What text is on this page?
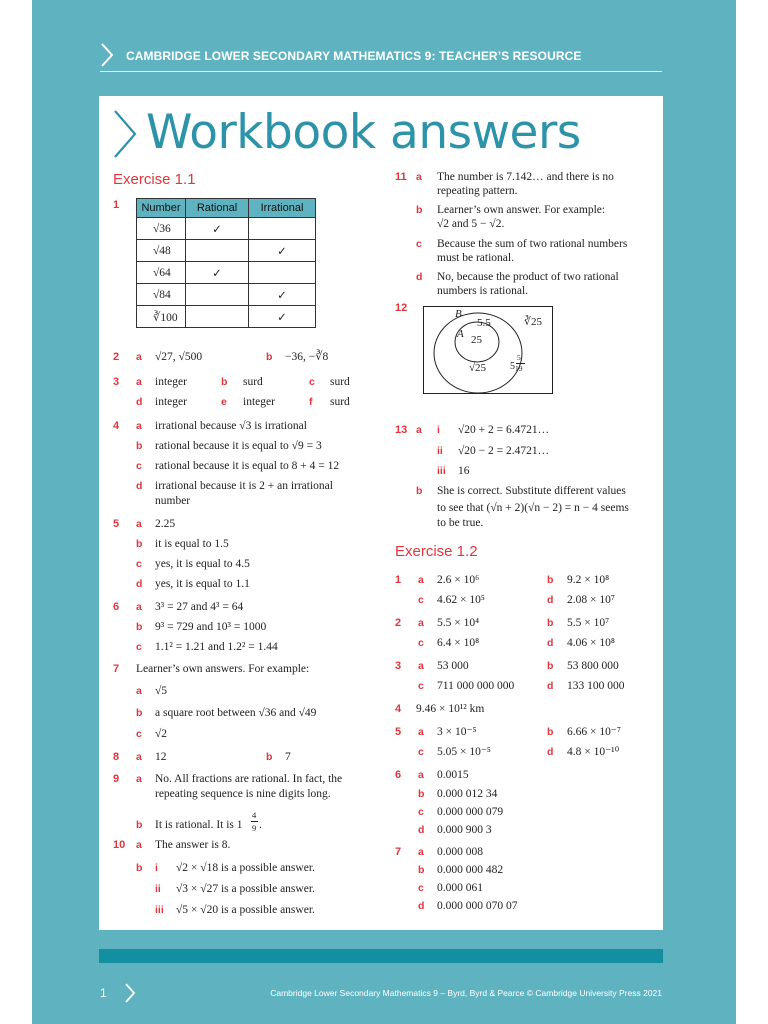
CAMBRIDGE LOWER SECONDARY MATHEMATICS 9: TEACHER’S RESOURCE
Workbook answers
Exercise 1.1
1 Number	Rational	Irrational
√36	✓	
√48		✓
√64	✓	
√84		✓
∛100		✓
2 a √27, √500	b −36, −∛8
3 a integer	b surd	c surd
d integer	e integer	f surd
4 a irrational because √3 is irrational
b rational because it is equal to √9 = 3
c rational because it is equal to 8 + 4 = 12
d irrational because it is 2 + an irrational
number
5 a 2.25
b it is equal to 1.5
c yes, it is equal to 4.5
d yes, it is equal to 1.1
6 a 3³ = 27 and 4³ = 64
b 9³ = 729 and 10³ = 1000
c 1.1² = 1.21 and 1.2² = 1.44
7 Learner’s own answers. For example:
a √5
b a square root between √36 and √49
c √2
8 a 12	b 7
9 a No. All fractions are rational. In fact, the
repeating sequence is nine digits long.
b It is rational. It is 1
4
9 .
10 a The answer is 8.
b i √2 × √18 is a possible answer.
ii √3 × √27 is a possible answer.
iii √5 × √20 is a possible answer.
11 a The number is 7.142… and there is no
repeating pattern.
b Learner’s own answer. For example:
√2 and 5 − √2.
c Because the sum of two rational numbers
must be rational.
d No, because the product of two rational
numbers is rational.
12	B
A
5.5
25
√25
∛25
5
5
19
13 a i √20 + 2 = 6.4721…
ii √20 − 2 = 2.4721…
iii 16
b She is correct. Substitute different values
to see that (√n + 2)(√n − 2) = n − 4 seems
to be true.
Exercise 1.2
1 a 2.6 × 10⁶	b 9.2 × 10⁸
c 4.62 × 10⁵	d 2.08 × 10⁷
2 a 5.5 × 10⁴	b 5.5 × 10⁷
c 6.4 × 10⁸	d 4.06 × 10⁸
3 a 53 000	b 53 800 000
c 711 000 000 000	d 133 100 000
4 9.46 × 10¹² km
5 a 3 × 10⁻⁵	b 6.66 × 10⁻⁷
c 5.05 × 10⁻⁵	d 4.8 × 10⁻¹⁰
6 a 0.0015
b 0.000 012 34
c 0.000 000 079
d 0.000 900 3
7 a 0.000 008
b 0.000 000 482
c 0.000 061
d 0.000 000 070 07
1	Cambridge Lower Secondary Mathematics 9 – Byrd, Byrd & Pearce © Cambridge University Press 2021
